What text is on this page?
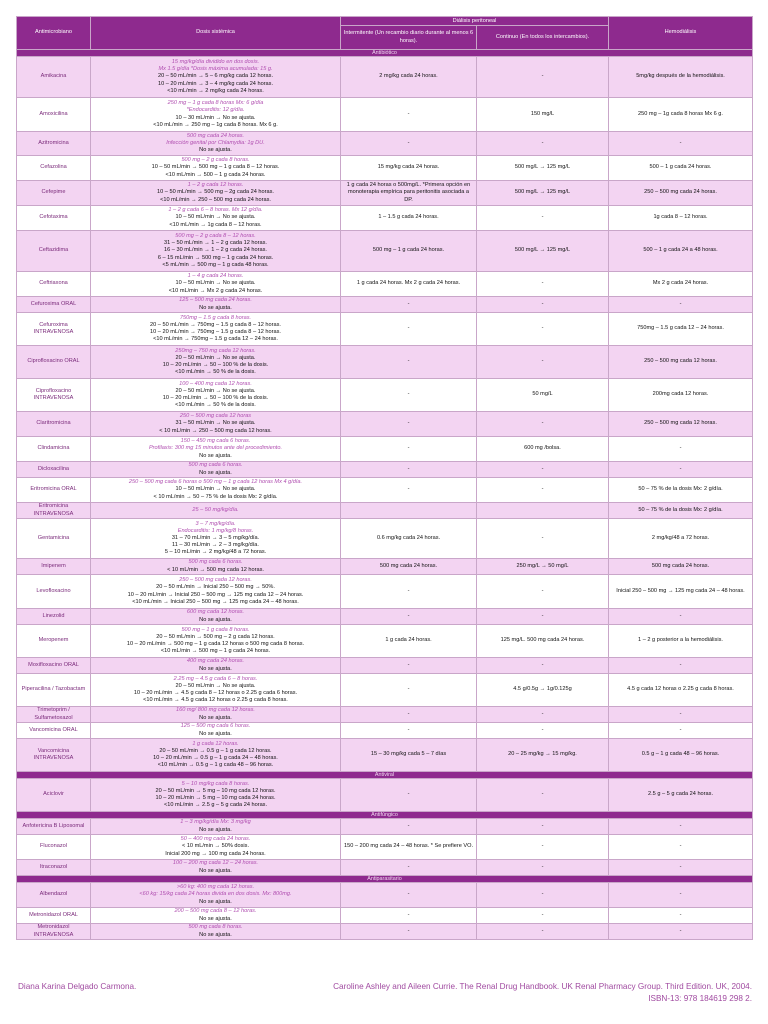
Antimicrobiano	Dosis sistémica	Diálisis peritoneal		Hemodiálisis
		Intermitente (Un recambio diario durante al menos 6 horas).	Continuo (En todos los intercambios).	
Antibiótico				
Amikacina	15 mg/kg/día dividido en dos dosis.
Mx 1.5 g/día *Dosis máxima acumulada: 15 g.
20 – 50 mL/min → 5 – 6 mg/kg cada 12 horas.
10 – 20 mL/min → 3 – 4 mg/kg cada 24 horas.
<10 mL/min → 2 mg/kg cada 24 horas.	2 mg/kg cada 24 horas.	-	5mg/kg después de la hemodiálisis.
Amoxicilina	250 mg – 1 g cada 8 horas Mx: 6 g/día
*Endocarditis: 12 g/día.
10 – 30 mL/min → No se ajusta.
<10 mL/min → 250 mg – 1g cada 8 horas. Mx 6 g.	-	150 mg/L	250 mg – 1g cada 8 horas Mx 6 g.
Azitromicina	500 mg cada 24 horas.
Infección genital por Chlamydia: 1g DU.
No se ajusta.	-	-	-
Cefazolina	500 mg – 2 g cada 8 horas.
10 – 50 mL/min → 500 mg – 1 g cada 8 – 12 horas.
<10 mL/min → 500 – 1 g cada 24 horas.	15 mg/kg cada 24 horas.	500 mg/L → 125 mg/L	500 – 1 g cada 24 horas.
Cefepime	1 – 2 g cada 12 horas.
10 – 50 mL/min → 500 mg – 2g cada 24 horas.
<10 mL/min → 250 – 500 mg cada 24 horas.	1 g cada 24 horas o 500mg/L. *Primera opción en monoterapia empírica para peritonitis asociada a DP.	500 mg/L → 125 mg/L	250 – 500 mg cada 24 horas.
Cefotaxima	1 – 2 g cada 6 – 8 horas. Mx 12 g/día.
10 – 50 mL/min → No se ajusta.
<10 mL/min → 1g cada 8 – 12 horas.	1 – 1.5 g cada 24 horas.	-	1g cada 8 – 12 horas.
Ceftazidima	500 mg – 2 g cada 8 – 12 horas.
31 – 50 mL/min → 1 – 2 g cada 12 horas.
16 – 30 mL/min → 1 – 2 g cada 24 horas.
6 – 15 mL/min → 500 mg – 1 g cada 24 horas.
<5 mL/min → 500 mg – 1 g cada 48 horas.	500 mg – 1 g cada 24 horas.	500 mg/L → 125 mg/L	500 – 1 g cada 24 a 48 horas.
Ceftriaxona	1 – 4 g cada 24 horas.
10 – 50 mL/min → No se ajusta.
<10 mL/min → Mx 2 g cada 24 horas.	1 g cada 24 horas. Mx 2 g cada 24 horas.	-	Mx 2 g cada 24 horas.
Cefuroxima ORAL	125 – 500 mg cada 24 horas.
No se ajusta.	-	-	-
Cefuroxima INTRAVENOSA	750mg – 1.5 g cada 8 horas.
20 – 50 mL/min → 750mg – 1.5 g cada 8 – 12 horas.
10 – 20 mL/min → 750mg – 1.5 g cada 8 – 12 horas.
<10 mL/min → 750mg – 1.5 g cada 12 – 24 horas.	-	-	750mg – 1.5 g cada 12 – 24 horas.
Ciprofloxacino ORAL	250mg – 750 mg cada 12 horas.
20 – 50 mL/min → No se ajusta.
10 – 20 mL/min → 50 – 100 % de la dosis.
<10 mL/min → 50 % de la dosis.	-	-	250 – 500 mg cada 12 horas.
Ciprofloxacino INTRAVENOSA	100 – 400 mg cada 12 horas.
20 – 50 mL/min → No se ajusta.
10 – 20 mL/min → 50 – 100 % de la dosis.
<10 mL/min → 50 % de la dosis.	-	50 mg/L	200mg cada 12 horas.
Claritromicina	250 – 500 mg cada 12 horas
31 – 50 mL/min → No se ajusta.
< 10 mL/min → 250 – 500 mg cada 12 horas.	-	-	250 – 500 mg cada 12 horas.
Clindamicina	150 – 450 mg cada 6 horas.
Profilaxis: 300 mg 15 minutos ante del procedimiento.
No se ajusta.	-	600 mg /bolsa.	-
Dicloxacilina	500 mg cada 6 horas.
No se ajusta.	-	-	-
Eritromicina ORAL	250 – 500 mg cada 6 horas o 500 mg – 1 g cada 12 horas Mx 4 g/día.
10 – 50 mL/min → No se ajusta.
< 10 mL/min → 50 – 75 % de la dosis Mx: 2 g/día.	-	-	50 – 75 % de la dosis Mx: 2 g/día.
Eritromicina INTRAVENOSA	25 – 50 mg/kg/día.			50 – 75 % de la dosis Mx: 2 g/día.
Gentamicina	3 – 7 mg/kg/día.
Endocarditis: 1 mg/kg/8 horas.
31 – 70 mL/min → 3 – 5 mg/kg/día.
11 – 30 mL/min → 2 – 3 mg/kg/día.
5 – 10 mL/min → 2 mg/kg/48 a 72 horas.	0.6 mg/kg cada 24 horas.	-	2 mg/kg/48 a 72 horas.
Imipenem	500 mg cada 6 horas.
< 10 mL/min → 500 mg cada 12 horas.	500 mg cada 24 horas.	250 mg/L → 50 mg/L	500 mg cada 24 horas.
Levofloxacino	250 – 500 mg cada 12 horas.
20 – 50 mL/min → Inicial 250 – 500 mg → 50%.
10 – 20 mL/min → Inicial 250 – 500 mg → 125 mg cada 12 – 24 horas.
<10 mL/min → Inicial 250 – 500 mg → 125 mg cada 24 – 48 horas.	-	-	Inicial 250 – 500 mg → 125 mg cada 24 – 48 horas.
Linezolid	600 mg cada 12 horas.
No se ajusta.	-	-	-
Meropenem	500 mg – 1 g cada 8 horas.
20 – 50 mL/min → 500 mg – 2 g cada 12 horas.
10 – 20 mL/min → 500 mg – 1 g cada 12 horas o 500 mg cada 8 horas.
<10 mL/min → 500 mg – 1 g cada 24 horas.	1 g cada 24 horas.	125 mg/L. 500 mg cada 24 horas.	1 – 2 g posterior a la hemodiálisis.
Moxifloxacino ORAL	400 mg cada 24 horas.
No se ajusta.	-	-	-
Piperacilina / Tazobactam	2.25 mg – 4.5 g cada 6 – 8 horas.
20 – 50 mL/min → No se ajusta.
10 – 20 mL/min → 4.5 g cada 8 – 12 horas o 2.25 g cada 6 horas.
<10 mL/min → 4.5 g cada 12 horas o 2.25 g cada 8 horas.	-	4.5 g/0.5g → 1g/0.125g	4.5 g cada 12 horas o 2.25 g cada 8 horas.
Trimetoprim / Sulfametoxazol	160 mg/ 800 mg cada 12 horas.
No se ajusta.	-	-	-
Vancomicina ORAL	125 – 500 mg cada 6 horas.
No se ajusta.	-	-	-
Vancomicina INTRAVENOSA	1 g cada 12 horas.
20 – 50 mL/min → 0.5 g – 1 g cada 12 horas.
10 – 20 mL/min → 0.5 g – 1 g cada 24 – 48 horas.
<10 mL/min → 0.5 g – 1 g cada 48 – 96 horas.	15 – 30 mg/kg cada 5 – 7 días	20 – 25 mg/kg → 15 mg/kg.	0.5 g – 1 g cada 48 – 96 horas.
Antiviral				
Aciclovir	5 – 10 mg/kg cada 8 horas.
20 – 50 mL/min → 5 mg – 10 mg cada 12 horas.
10 – 20 mL/min → 5 mg – 10 mg cada 24 horas.
<10 mL/min → 2.5 g – 5 g cada 24 horas.	-	-	2.5 g – 5 g cada 24 horas.
Antifúngico				
Anfotericina B Liposomal	1 – 3 mg/kg/día Mx: 3 mg/kg
No se ajusta.	-	-	-
Fluconazol	50 – 400 mg cada 24 horas.
< 10 mL/min → 50% dosis.
Inicial 200 mg → 100 mg cada 24 horas.	150 – 200 mg cada 24 – 48 horas. * Se prefiere VO.	-	-
Itraconazol	100 – 200 mg cada 12 – 24 horas.
No se ajusta.	-	-	-
Antiparasitario				
Albendazol	>60 kg: 400 mg cada 12 horas.
<60 kg: 15/kg cada 24 horas divida en dos dosis. Mx: 800mg.
No se ajusta.	-	-	-
Metronidazol ORAL	200 – 500 mg cada 8 – 12 horas.
No se ajusta.	-	-	-
Metronidazol INTRAVENOSA	500 mg cada 8 horas.
No se ajusta.	-	-	-
Diana Karina Delgado Carmona.	Caroline Ashley and Aileen Currie. The Renal Drug Handbook. UK Renal Pharmacy Group. Third Edition. UK, 2004.
ISBN-13: 978 184619 298 2.
